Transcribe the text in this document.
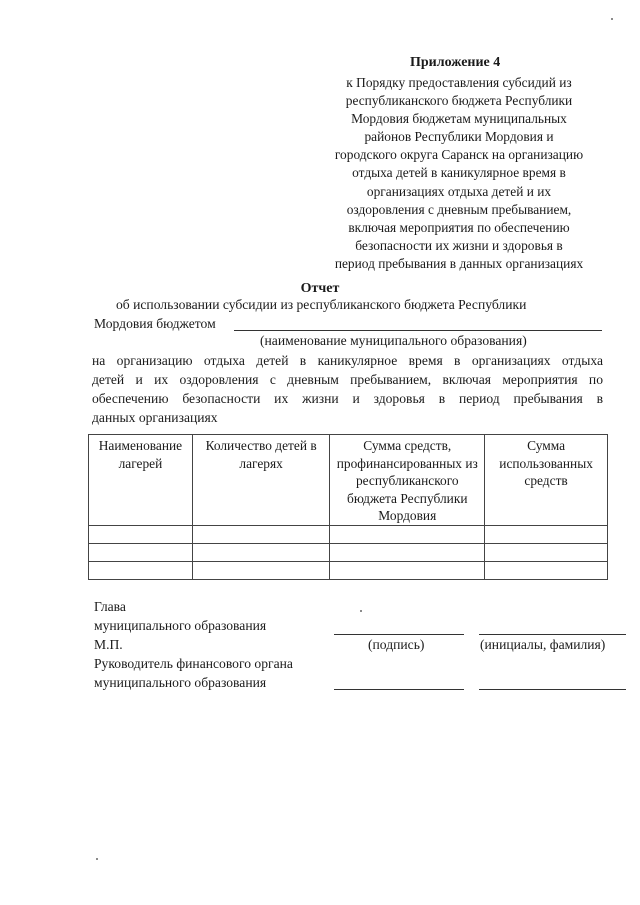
Приложение 4
к Порядку предоставления субсидий из
республиканского бюджета Республики
Мордовия бюджетам муниципальных
районов Республики Мордовия и
городского округа Саранск на организацию
отдыха детей в каникулярное время в
организациях отдыха детей и их
оздоровления с дневным пребыванием,
включая мероприятия по обеспечению
безопасности их жизни и здоровья в
период пребывания в данных организациях
Отчет
об использовании субсидии из республиканского бюджета Республики
Мордовия бюджетом
(наименование муниципального образования)
на организацию отдыха детей в каникулярное время в организациях отдыха
детей и их оздоровления с дневным пребыванием, включая мероприятия по
обеспечению безопасности их жизни и здоровья в период пребывания в
данных организациях
Наименование лагерей	Количество детей в лагерях	Сумма средств, профинансированных из республиканского бюджета Республики Мордовия	Сумма использованных средств

Глава
муниципального образования
М.П.
Руководитель финансового органа
муниципального образования
(подпись)	(инициалы, фамилия)
